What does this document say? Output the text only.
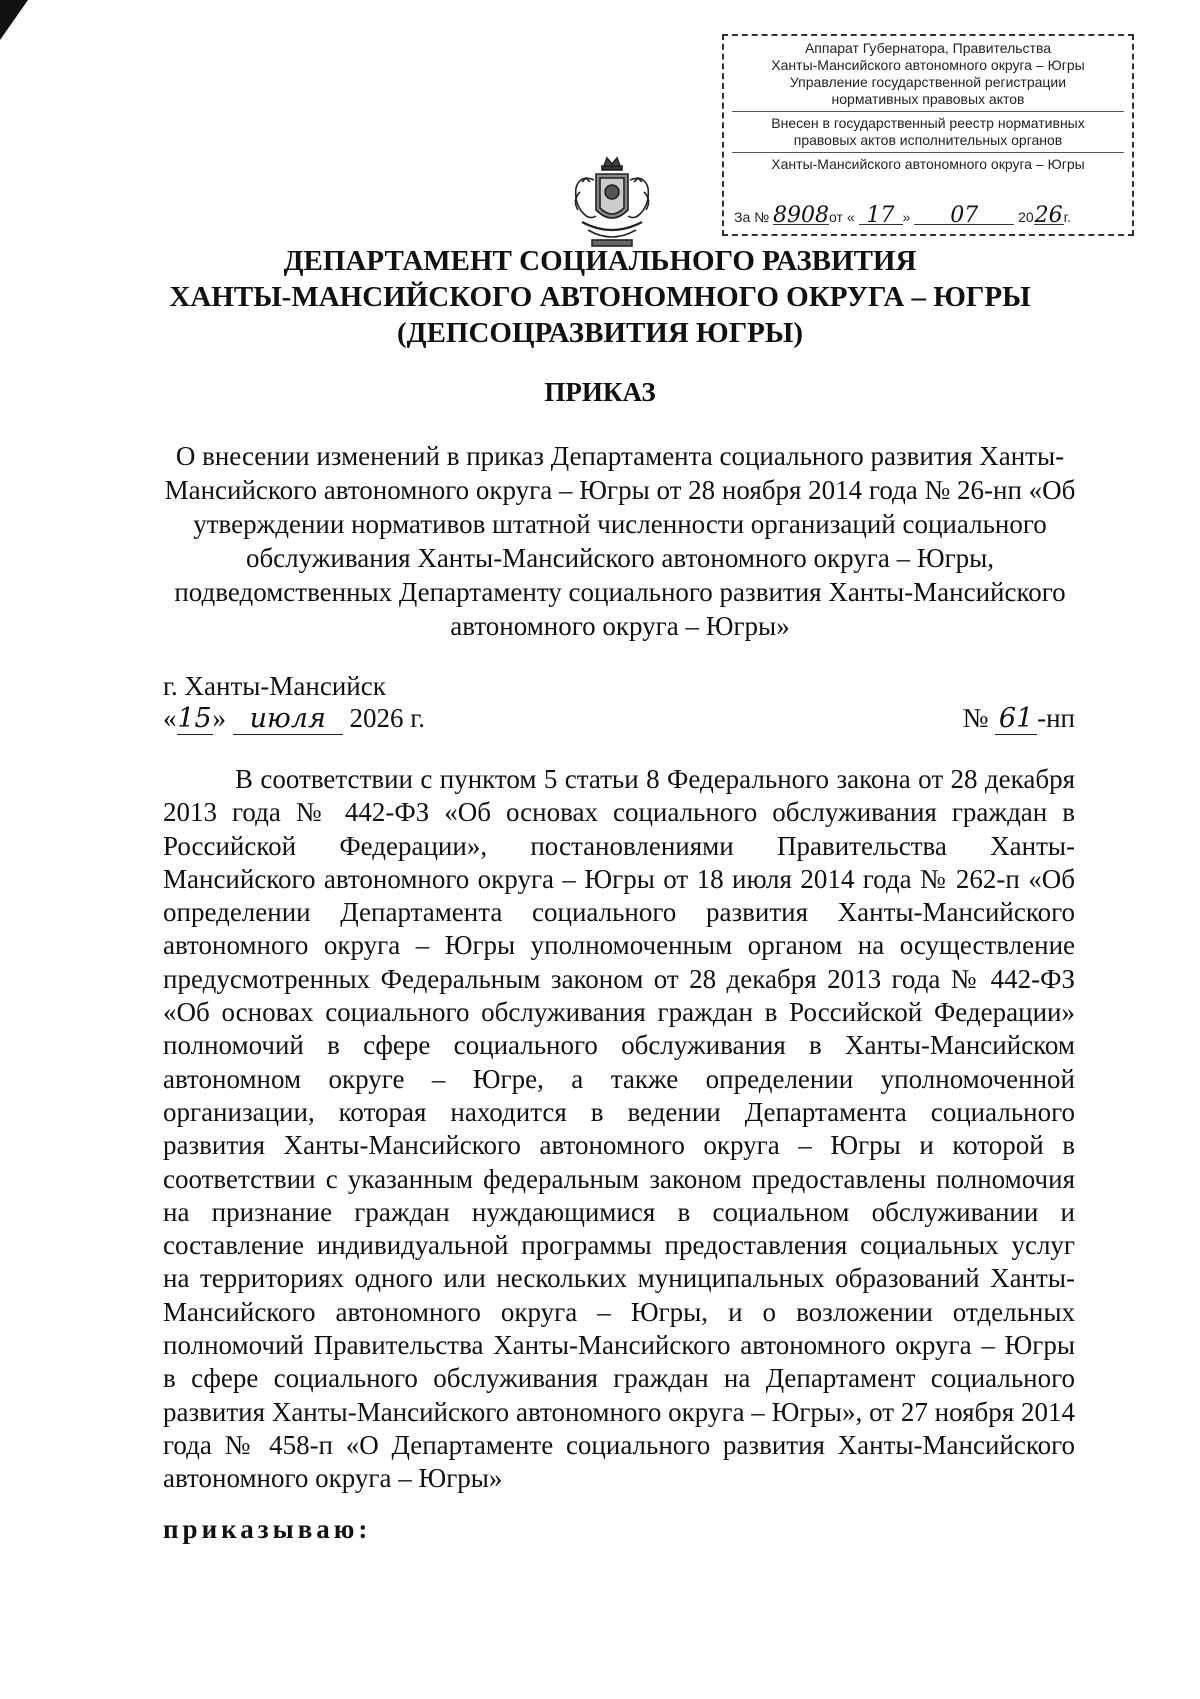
Аппарат Губернатора, Правительства
Ханты-Мансийского автономного округа – Югры
Управление государственной регистрации
нормативных правовых актов
Внесен в государственный реестр нормативных
правовых актов исполнительных органов
Ханты-Мансийского автономного округа – Югры
За № 8908от « 17 » 07	2026г.
ДЕПАРТАМЕНТ СОЦИАЛЬНОГО РАЗВИТИЯ
ХАНТЫ-МАНСИЙСКОГО АВТОНОМНОГО ОКРУГА – ЮГРЫ
(ДЕПСОЦРАЗВИТИЯ ЮГРЫ)
ПРИКАЗ
О внесении изменений в приказ Департамента социального развития Ханты-Мансийского автономного округа – Югры от 28 ноября 2014 года № 26-нп «Об утверждении нормативов штатной численности организаций социального обслуживания Ханты-Мансийского автономного округа – Югры, подведомственных Департаменту социального развития Ханты-Мансийского автономного округа – Югры»
г. Ханты-Мансийск
«15» июля 2026 г.	№ 61 -нп
В соответствии с пунктом 5 статьи 8 Федерального закона от 28 декабря 2013 года № 442-ФЗ «Об основах социального обслуживания граждан в Российской Федерации», постановлениями Правительства Ханты-Мансийского автономного округа – Югры от 18 июля 2014 года № 262-п «Об определении Департамента социального развития Ханты-Мансийского автономного округа – Югры уполномоченным органом на осуществление предусмотренных Федеральным законом от 28 декабря 2013 года № 442-ФЗ «Об основах социального обслуживания граждан в Российской Федерации» полномочий в сфере социального обслуживания в Ханты-Мансийском автономном округе – Югре, а также определении уполномоченной организации, которая находится в ведении Департамента социального развития Ханты-Мансийского автономного округа – Югры и которой в соответствии с указанным федеральным законом предоставлены полномочия на признание граждан нуждающимися в социальном обслуживании и составление индивидуальной программы предоставления социальных услуг на территориях одного или нескольких муниципальных образований Ханты-Мансийского автономного округа – Югры, и о возложении отдельных полномочий Правительства Ханты-Мансийского автономного округа – Югры в сфере социального обслуживания граждан на Департамент социального развития Ханты-Мансийского автономного округа – Югры», от 27 ноября 2014 года № 458-п «О Департаменте социального развития Ханты-Мансийского автономного округа – Югры»
приказываю:
